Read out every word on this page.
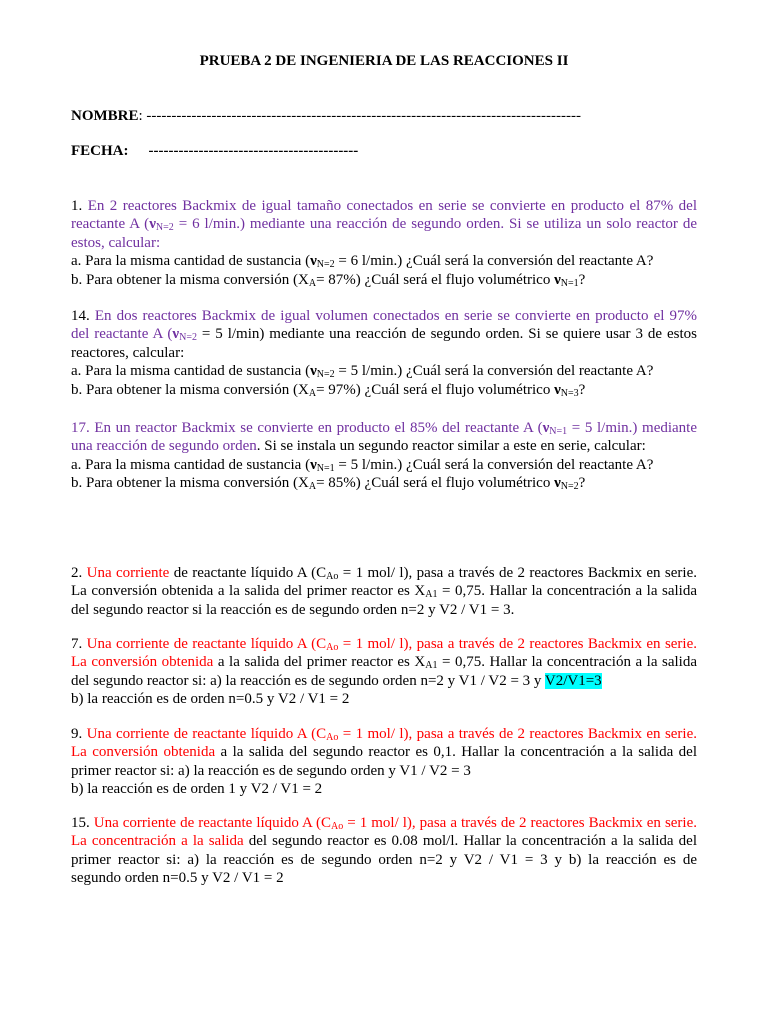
PRUEBA 2 DE INGENIERIA DE LAS REACCIONES II
NOMBRE: ---------------------------------------------------------------------------------------
FECHA: ------------------------------------------
1. En 2 reactores Backmix de igual tamaño conectados en serie se convierte en producto el 87% del
reactante A ($\nu_{N=2} = 6$ l/min.) mediante una reacción de segundo orden. Si se utiliza un solo reactor de
estos, calcular:
a. Para la misma cantidad de sustancia ($\nu_{N=2} = 6$ l/min.) ¿Cuál será la conversión del reactante A?
b. Para obtener la misma conversión $(X_A= 87\%)$ ¿Cuál será el flujo volumétrico $\nu_{N=1}$?
14. En dos reactores Backmix de igual volumen conectados en serie se convierte en producto el 97%
del reactante A ($\nu_{N=2} = 5$ l/min) mediante una reacción de segundo orden. Si se quiere usar 3 de estos
reactores, calcular:
a. Para la misma cantidad de sustancia ($\nu_{N=2} = 5$ l/min.) ¿Cuál será la conversión del reactante A?
b. Para obtener la misma conversión $(X_A= 97\%)$ ¿Cuál será el flujo volumétrico $\nu_{N=3}$?
17. En un reactor Backmix se convierte en producto el 85% del reactante A ($\nu_{N=1} = 5$ l/min.) mediante
una reacción de segundo orden. Si se instala un segundo reactor similar a este en serie, calcular:
a. Para la misma cantidad de sustancia ($\nu_{N=1} = 5$ l/min.) ¿Cuál será la conversión del reactante A?
b. Para obtener la misma conversión $(X_A= 85\%)$ ¿Cuál será el flujo volumétrico $\nu_{N=2}$?
2. Una corriente de reactante líquido A ($C_{Ao} = 1$ mol/ l), pasa a través de 2 reactores Backmix en serie.
La conversión obtenida a la salida del primer reactor es $X_{A1} = 0,75$. Hallar la concentración a la salida
del segundo reactor si la reacción es de segundo orden n=2 y V2 / V1 = 3.
7. Una corriente de reactante líquido A ($C_{Ao} = 1$ mol/ l), pasa a través de 2 reactores Backmix en serie.
La conversión obtenida a la salida del primer reactor es $X_{A1} = 0,75$. Hallar la concentración a la salida
del segundo reactor si: a) la reacción es de segundo orden n=2 y V1 / V2 = 3 y V2/V1=3
b) la reacción es de orden n=0.5 y V2 / V1 = 2
9. Una corriente de reactante líquido A ($C_{Ao} = 1$ mol/ l), pasa a través de 2 reactores Backmix en serie.
La conversión obtenida a la salida del segundo reactor es 0,1. Hallar la concentración a la salida del
primer reactor si: a) la reacción es de segundo orden y V1 / V2 = 3
b) la reacción es de orden 1 y V2 / V1 = 2
15. Una corriente de reactante líquido A ($C_{Ao} = 1$ mol/ l), pasa a través de 2 reactores Backmix en serie.
La concentración a la salida del segundo reactor es 0.08 mol/l. Hallar la concentración a la salida del
primer reactor si: a) la reacción es de segundo orden n=2 y V2 / V1 = 3 y b) la reacción es de
segundo orden n=0.5 y V2 / V1 = 2
